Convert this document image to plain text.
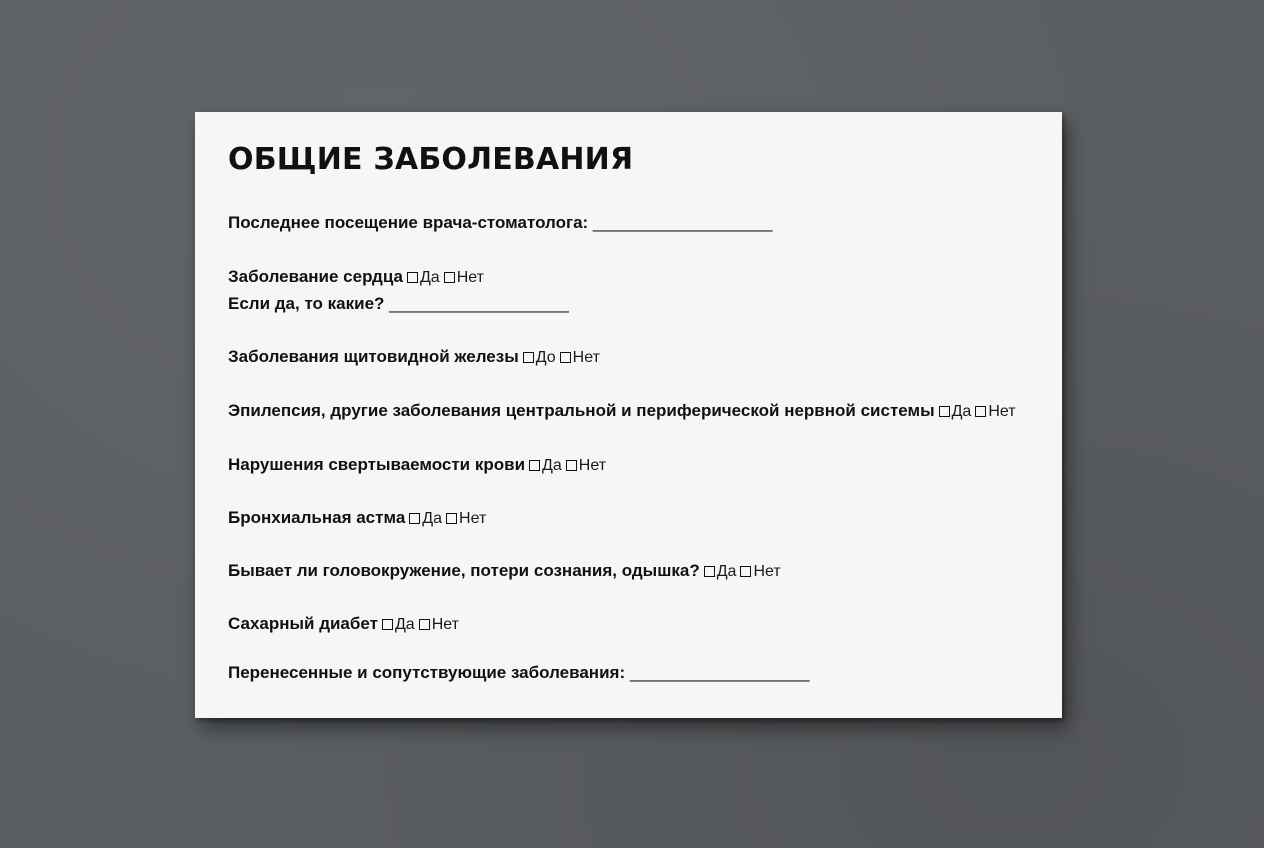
ОБЩИЕ ЗАБОЛЕВАНИЯ
Последнее посещение врача-стоматолога: ___________________
Заболевание сердца Да Нет
Если да, то какие? ___________________
Заболевания щитовидной железы До Нет
Эпилепсия, другие заболевания центральной и периферической нервной системы Да Нет
Нарушения свертываемости крови Да Нет
Бронхиальная астма Да Нет
Бывает ли головокружение, потери сознания, одышка? Да Нет
Сахарный диабет Да Нет
Перенесенные и сопутствующие заболевания: ___________________
